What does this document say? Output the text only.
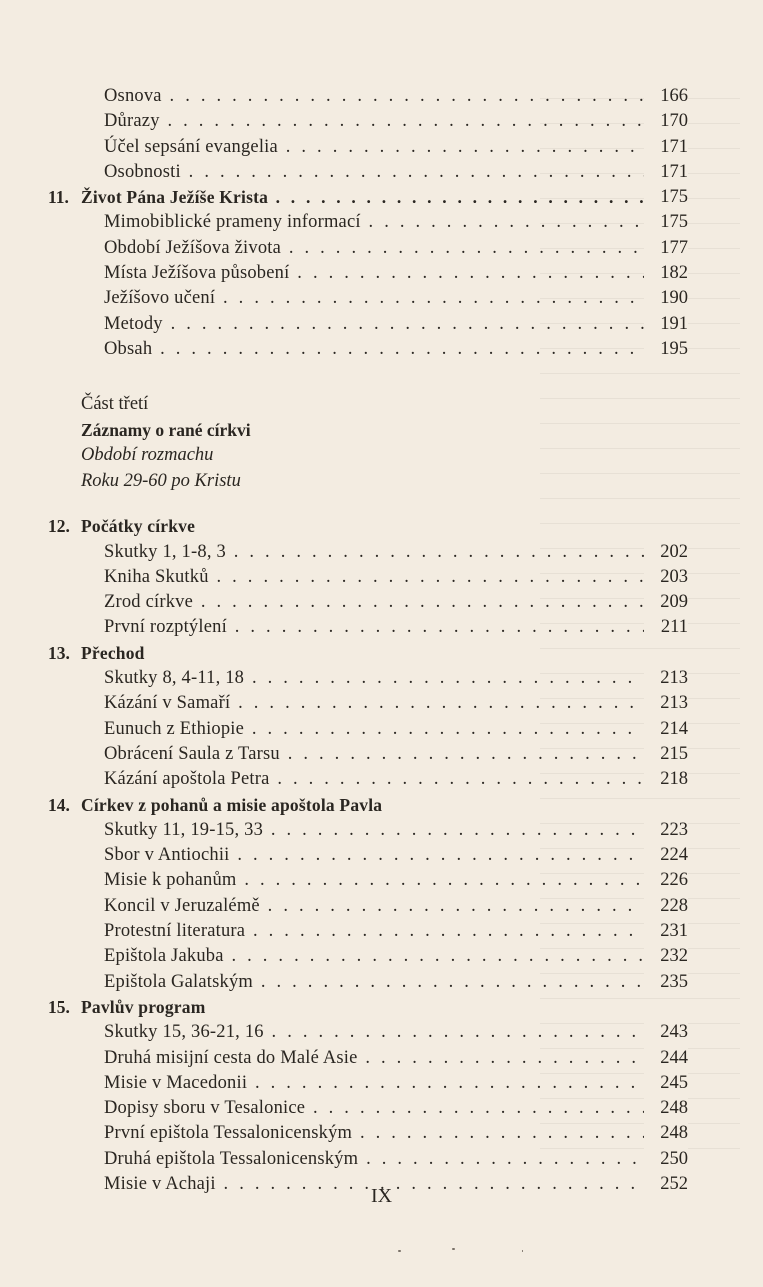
Osnova . . .	166
Důrazy . . .	170
Účel sepsání evangelia . . .	171
Osobnosti . . .	171
11. Život Pána Ježíše Krista . . .	175
Mimobiblické prameny informací . . .	175
Období Ježíšova života . . .	177
Místa Ježíšova působení . . .	182
Ježíšovo učení . . .	190
Metody . . .	191
Obsah . . .	195
Část třetí
Záznamy o rané církvi
Období rozmachu
Roku 29-60 po Kristu
12. Počátky církve
Skutky 1, 1-8, 3 . . .	202
Kniha Skutků . . .	203
Zrod církve . . .	209
První rozptýlení . . .	211
13. Přechod
Skutky 8, 4-11, 18 . . .	213
Kázání v Samaří . . .	213
Eunuch z Ethiopie . . .	214
Obrácení Saula z Tarsu . . .	215
Kázání apoštola Petra . . .	218
14. Církev z pohanů a misie apoštola Pavla
Skutky 11, 19-15, 33 . . .	223
Sbor v Antiochii . . .	224
Misie k pohanům . . .	226
Koncil v Jeruzalémě . . .	228
Protestní literatura . . .	231
Epištola Jakuba . . .	232
Epištola Galatským . . .	235
15. Pavlův program
Skutky 15, 36-21, 16 . . .	243
Druhá misijní cesta do Malé Asie . . .	244
Misie v Macedonii . . .	245
Dopisy sboru v Tesalonice . . .	248
První epištola Tessalonicenským . . .	248
Druhá epištola Tessalonicenským . . .	250
Misie v Achaji . . .	252
IX
